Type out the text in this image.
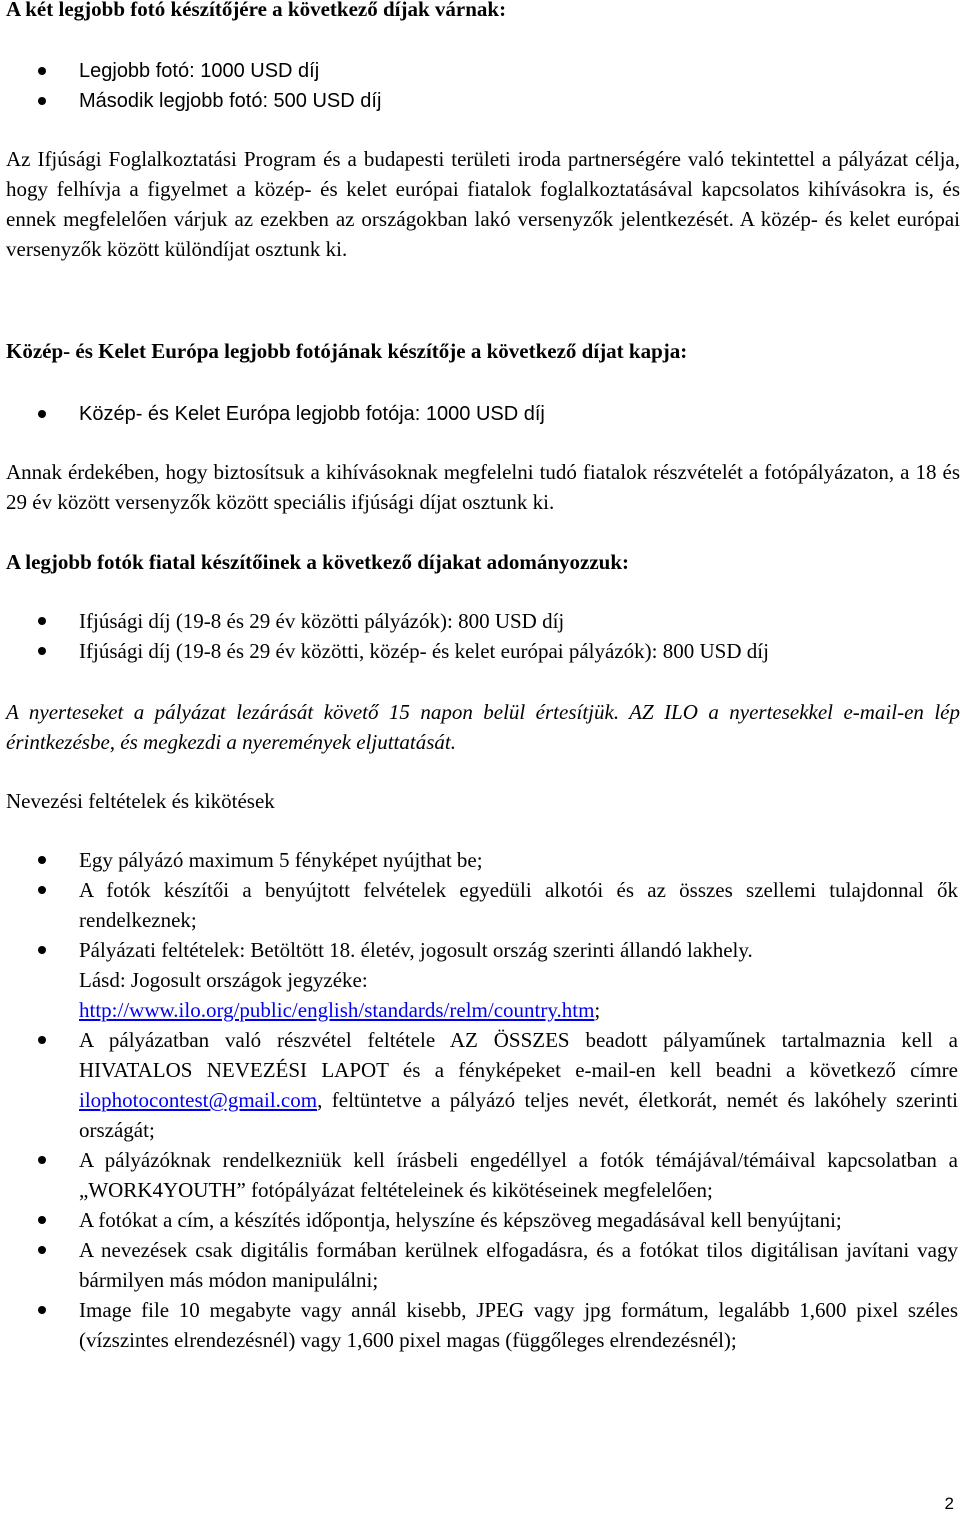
A két legjobb fotó készítőjére a következő díjak várnak:

Legjobb fotó: 1000 USD díj
Második legjobb fotó: 500 USD díj

Az Ifjúsági Foglalkoztatási Program és a budapesti területi iroda partnerségére való tekintettel a pályázat célja, hogy felhívja a figyelmet a közép- és kelet európai fiatalok foglalkoztatásával kapcsolatos kihívásokra is, és ennek megfelelően várjuk az ezekben az országokban lakó versenyzők jelentkezését. A közép- és kelet európai versenyzők között különdíjat osztunk ki.

Közép- és Kelet Európa legjobb fotójának készítője a következő díjat kapja:

Közép- és Kelet Európa legjobb fotója: 1000 USD díj

Annak érdekében, hogy biztosítsuk a kihívásoknak megfelelni tudó fiatalok részvételét a fotópályázaton, a 18 és 29 év között versenyzők között speciális ifjúsági díjat osztunk ki.

A legjobb fotók fiatal készítőinek a következő díjakat adományozzuk:

Ifjúsági díj (19-8 és 29 év közötti pályázók): 800 USD díj
Ifjúsági díj (19-8 és 29 év közötti, közép- és kelet európai pályázók): 800 USD díj

A nyerteseket a pályázat lezárását követő 15 napon belül értesítjük. AZ ILO a nyertesekkel e-mail-en lép érintkezésbe, és megkezdi a nyeremények eljuttatását.

Nevezési feltételek és kikötések

Egy pályázó maximum 5 fényképet nyújthat be;
A fotók készítői a benyújtott felvételek egyedüli alkotói és az összes szellemi tulajdonnal ők rendelkeznek;
Pályázati feltételek: Betöltött 18. életév, jogosult ország szerinti állandó lakhely.
Lásd: Jogosult országok jegyzéke:
http://www.ilo.org/public/english/standards/relm/country.htm;
A pályázatban való részvétel feltétele AZ ÖSSZES beadott pályaműnek tartalmaznia kell a HIVATALOS NEVEZÉSI LAPOT és a fényképeket e-mail-en kell beadni a következő címre ilophotocontest@gmail.com, feltüntetve a pályázó teljes nevét, életkorát, nemét és lakóhely szerinti országát;
A pályázóknak rendelkezniük kell írásbeli engedéllyel a fotók témájával/témáival kapcsolatban a „WORK4YOUTH” fotópályázat feltételeinek és kikötéseinek megfelelően;
A fotókat a cím, a készítés időpontja, helyszíne és képszöveg megadásával kell benyújtani;
A nevezések csak digitális formában kerülnek elfogadásra, és a fotókat tilos digitálisan javítani vagy bármilyen más módon manipulálni;
Image file 10 megabyte vagy annál kisebb, JPEG vagy jpg formátum, legalább 1,600 pixel széles (vízszintes elrendezésnél) vagy 1,600 pixel magas (függőleges elrendezésnél);
2
